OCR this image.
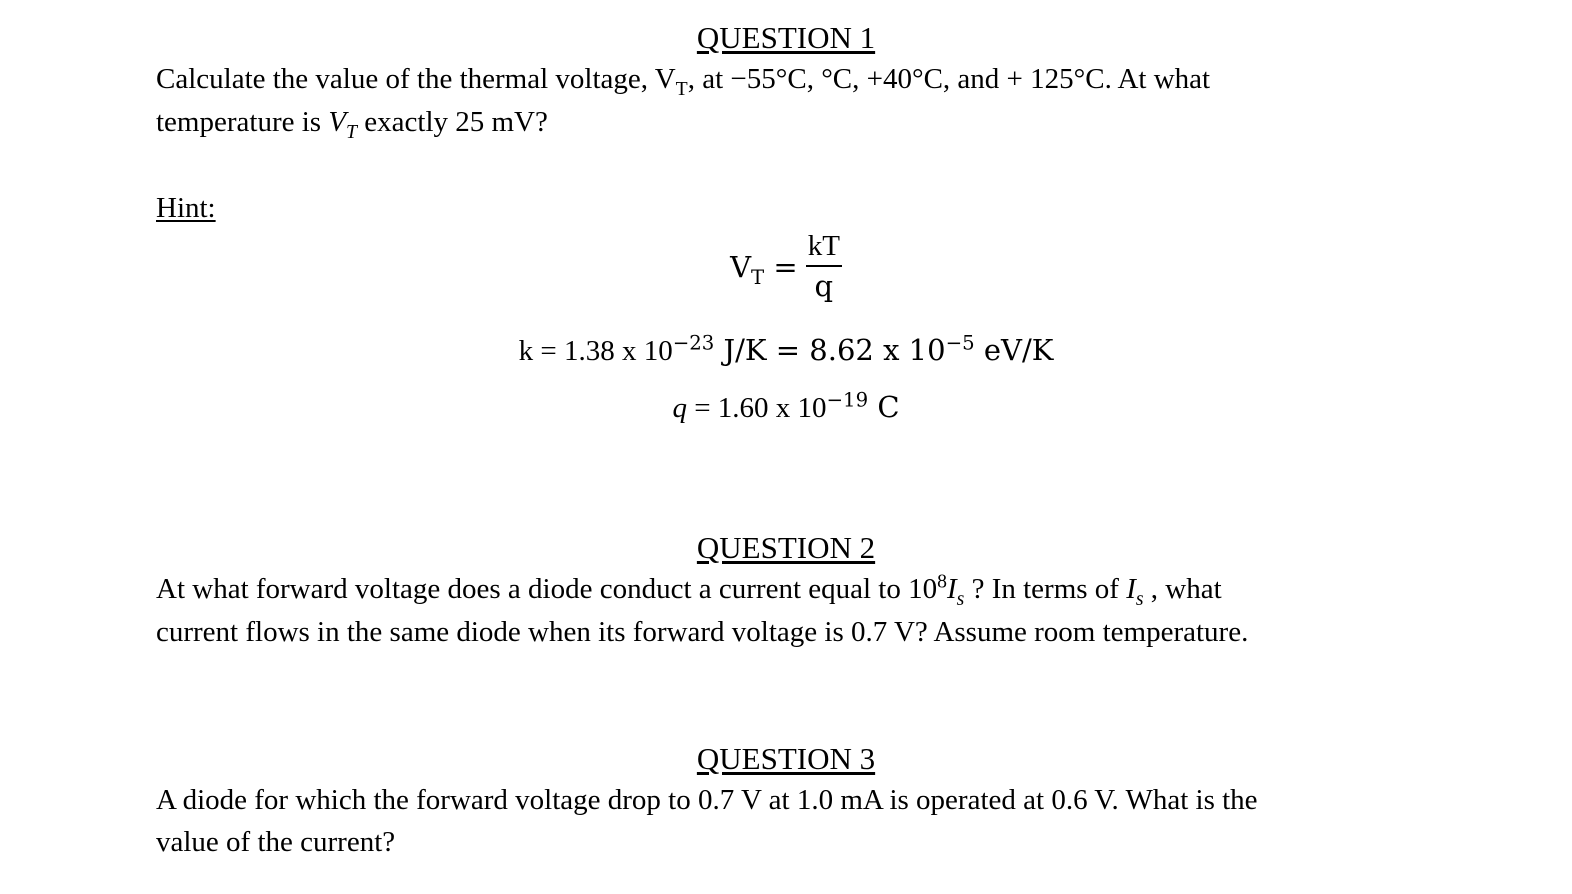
QUESTION 1
Calculate the value of the thermal voltage, $V_T$, at −55°C, °C, +40°C, and + 125°C. At what
temperature is $V_T$ exactly 25 mV?
Hint:
$V_T = \frac{kT}{q}$
k = 1.38 x $10^{-23}$ J/K = 8.62 x $10^{-5}$ eV/K
q = 1.60 x $10^{-19}$ C
QUESTION 2
At what forward voltage does a diode conduct a current equal to $10^8I_s$ ? In terms of $I_s$ , what
current flows in the same diode when its forward voltage is 0.7 V? Assume room temperature.
QUESTION 3
A diode for which the forward voltage drop to 0.7 V at 1.0 mA is operated at 0.6 V. What is the
value of the current?
